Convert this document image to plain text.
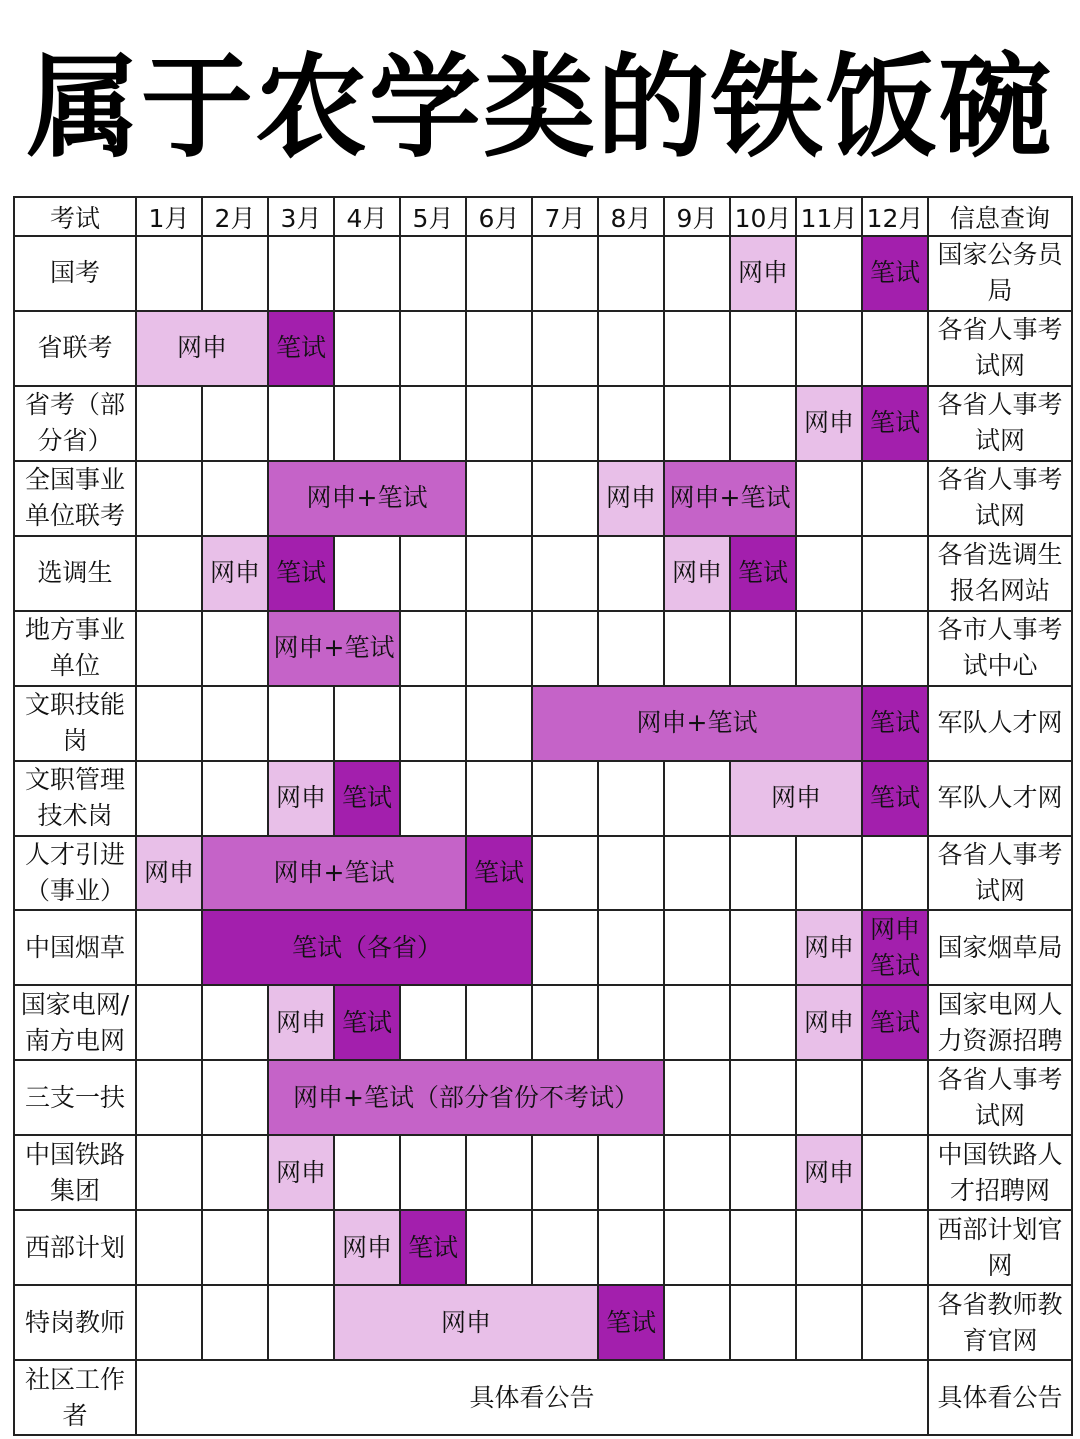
属于农学类的铁饭碗
考试	1月	2月	3月	4月	5月	6月	7月	8月	9月	10月	11月	12月	信息查询
国考										网申		笔试	国家公务员局
省联考	网申		笔试										各省人事考试网
省考（部分省）											网申	笔试	各省人事考试网
全国事业单位联考			网申+笔试					网申	网申+笔试				各省人事考试网
选调生		网申	笔试						网申	笔试			各省选调生报名网站
地方事业单位			网申+笔试										各市人事考试中心
文职技能岗							网申+笔试					笔试	军队人才网
文职管理技术岗			网申	笔试						网申		笔试	军队人才网
人才引进（事业）	网申	网申+笔试				笔试							各省人事考试网
中国烟草		笔试（各省）									网申	网申笔试	国家烟草局
国家电网/南方电网			网申	笔试							网申	笔试	国家电网人力资源招聘
三支一扶			网申+笔试（部分省份不考试）										各省人事考试网
中国铁路集团			网申								网申		中国铁路人才招聘网
西部计划				网申	笔试								西部计划官网
特岗教师				网申				笔试					各省教师教育官网
社区工作者	具体看公告												具体看公告
